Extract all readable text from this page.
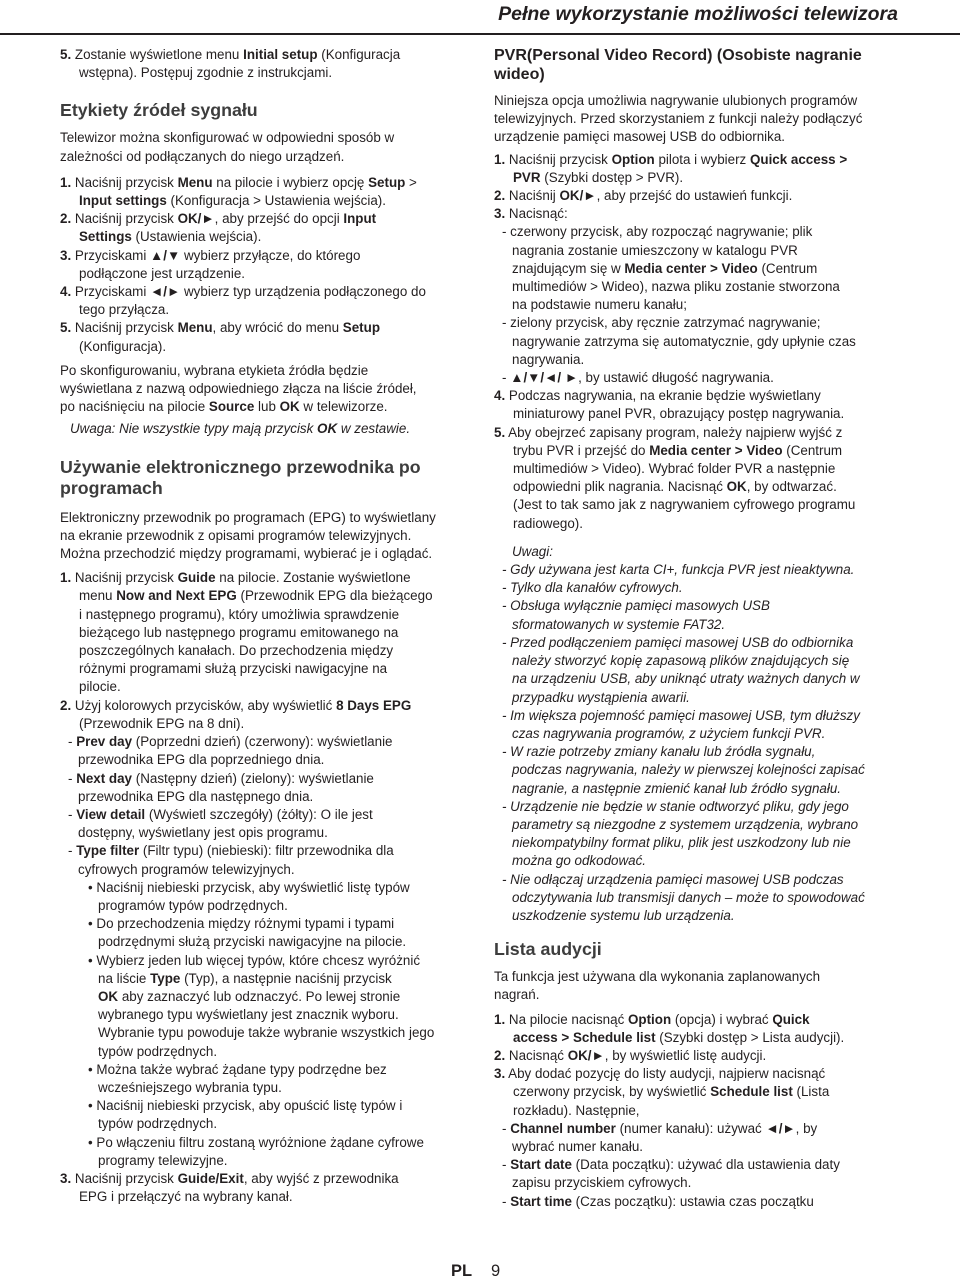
Pełne wykorzystanie możliwości telewizora

5. Zostanie wyświetlone menu Initial setup (Konfiguracja
wstępna). Postępuj zgodnie z instrukcjami.

Etykiety źródeł sygnału

Telewizor można skonfigurować w odpowiedni sposób w
zależności od podłączanych do niego urządzeń.

1. Naciśnij przycisk Menu na pilocie i wybierz opcję Setup >
Input settings (Konfiguracja > Ustawienia wejścia).

2. Naciśnij przycisk OK/►, aby przejść do opcji Input
Settings (Ustawienia wejścia).

3. Przyciskami ▲/▼ wybierz przyłącze, do którego
podłączone jest urządzenie.

4. Przyciskami ◄/► wybierz typ urządzenia podłączonego do
tego przyłącza.

5. Naciśnij przycisk Menu, aby wrócić do menu Setup
(Konfiguracja).

Po skonfigurowaniu, wybrana etykieta źródła będzie
wyświetlana z nazwą odpowiedniego złącza na liście źródeł,
po naciśnięciu na pilocie Source lub OK w telewizorze.

Uwaga: Nie wszystkie typy mają przycisk OK w zestawie.

Używanie elektronicznego przewodnika po
programach

Elektroniczny przewodnik po programach (EPG) to wyświetlany
na ekranie przewodnik z opisami programów telewizyjnych.
Można przechodzić między programami, wybierać je i oglądać.

1. Naciśnij przycisk Guide na pilocie. Zostanie wyświetlone
menu Now and Next EPG (Przewodnik EPG dla bieżącego
i następnego programu), który umożliwia sprawdzenie
bieżącego lub następnego programu emitowanego na
poszczególnych kanałach. Do przechodzenia między
różnymi programami służą przyciski nawigacyjne na
pilocie.

2. Użyj kolorowych przycisków, aby wyświetlić 8 Days EPG
(Przewodnik EPG na 8 dni).

- Prev day (Poprzedni dzień) (czerwony): wyświetlanie
przewodnika EPG dla poprzedniego dnia.

- Next day (Następny dzień) (zielony): wyświetlanie
przewodnika EPG dla następnego dnia.

- View detail (Wyświetl szczegóły) (żółty): O ile jest
dostępny, wyświetlany jest opis programu.

- Type filter (Filtr typu) (niebieski): filtr przewodnika dla
cyfrowych programów telewizyjnych.

• Naciśnij niebieski przycisk, aby wyświetlić listę typów
programów typów podrzędnych.

• Do przechodzenia między różnymi typami i typami
podrzędnymi służą przyciski nawigacyjne na pilocie.

• Wybierz jeden lub więcej typów, które chcesz wyróżnić
na liście Type (Typ), a następnie naciśnij przycisk
OK aby zaznaczyć lub odznaczyć. Po lewej stronie
wybranego typu wyświetlany jest znacznik wyboru.
Wybranie typu powoduje także wybranie wszystkich jego
typów podrzędnych.

• Można także wybrać żądane typy podrzędne bez
wcześniejszego wybrania typu.

• Naciśnij niebieski przycisk, aby opuścić listę typów i
typów podrzędnych.

• Po włączeniu filtru zostaną wyróżnione żądane cyfrowe
programy telewizyjne.

3. Naciśnij przycisk Guide/Exit, aby wyjść z przewodnika
EPG i przełączyć na wybrany kanał.

PVR(Personal Video Record) (Osobiste nagranie
wideo)

Niniejsza opcja umożliwia nagrywanie ulubionych programów
telewizyjnych. Przed skorzystaniem z funkcji należy podłączyć
urządzenie pamięci masowej USB do odbiornika.

1. Naciśnij przycisk Option pilota i wybierz Quick access >
PVR (Szybki dostęp > PVR).

2. Naciśnij OK/►, aby przejść do ustawień funkcji.

3. Nacisnąć:

- czerwony przycisk, aby rozpocząć nagrywanie; plik
nagrania zostanie umieszczony w katalogu PVR
znajdującym się w Media center > Video (Centrum
multimediów > Wideo), nazwa pliku zostanie stworzona
na podstawie numeru kanału;

- zielony przycisk, aby ręcznie zatrzymać nagrywanie;
nagrywanie zatrzyma się automatycznie, gdy upłynie czas
nagrywania.

- ▲/▼/◄/ ►, by ustawić długość nagrywania.

4. Podczas nagrywania, na ekranie będzie wyświetlany
miniaturowy panel PVR, obrazujący postęp nagrywania.

5. Aby obejrzeć zapisany program, należy najpierw wyjść z
trybu PVR i przejść do Media center > Video (Centrum
multimediów > Video). Wybrać folder PVR a następnie
odpowiedni plik nagrania. Nacisnąć OK, by odtwarzać.
(Jest to tak samo jak z nagrywaniem cyfrowego programu
radiowego).

Uwagi:

- Gdy używana jest karta CI+, funkcja PVR jest nieaktywna.

- Tylko dla kanałów cyfrowych.

- Obsługa wyłącznie pamięci masowych USB
sformatowanych w systemie FAT32.

- Przed podłączeniem pamięci masowej USB do odbiornika
należy stworzyć kopię zapasową plików znajdujących się
na urządzeniu USB, aby uniknąć utraty ważnych danych w
przypadku wystąpienia awarii.

- Im większa pojemność pamięci masowej USB, tym dłuższy
czas nagrywania programów, z użyciem funkcji PVR.

- W razie potrzeby zmiany kanału lub źródła sygnału,
podczas nagrywania, należy w pierwszej kolejności zapisać
nagranie, a następnie zmienić kanał lub źródło sygnału.

- Urządzenie nie będzie w stanie odtworzyć pliku, gdy jego
parametry są niezgodne z systemem urządzenia, wybrano
niekompatybilny format pliku, plik jest uszkodzony lub nie
można go odkodować.

- Nie odłączaj urządzenia pamięci masowej USB podczas
odczytywania lub transmisji danych – może to spowodować
uszkodzenie systemu lub urządzenia.

Lista audycji

Ta funkcja jest używana dla wykonania zaplanowanych
nagrań.

1. Na pilocie nacisnąć Option (opcja) i wybrać Quick
access > Schedule list (Szybki dostęp > Lista audycji).

2. Nacisnąć OK/►, by wyświetlić listę audycji.

3. Aby dodać pozycję do listy audycji, najpierw nacisnąć
czerwony przycisk, by wyświetlić Schedule list (Lista
rozkładu). Następnie,

- Channel number (numer kanału): używać ◄/►, by
wybrać numer kanału.

- Start date (Data początku): używać dla ustawienia daty
zapisu przyciskiem cyfrowych.

- Start time (Czas początku): ustawia czas początku

PL 9
